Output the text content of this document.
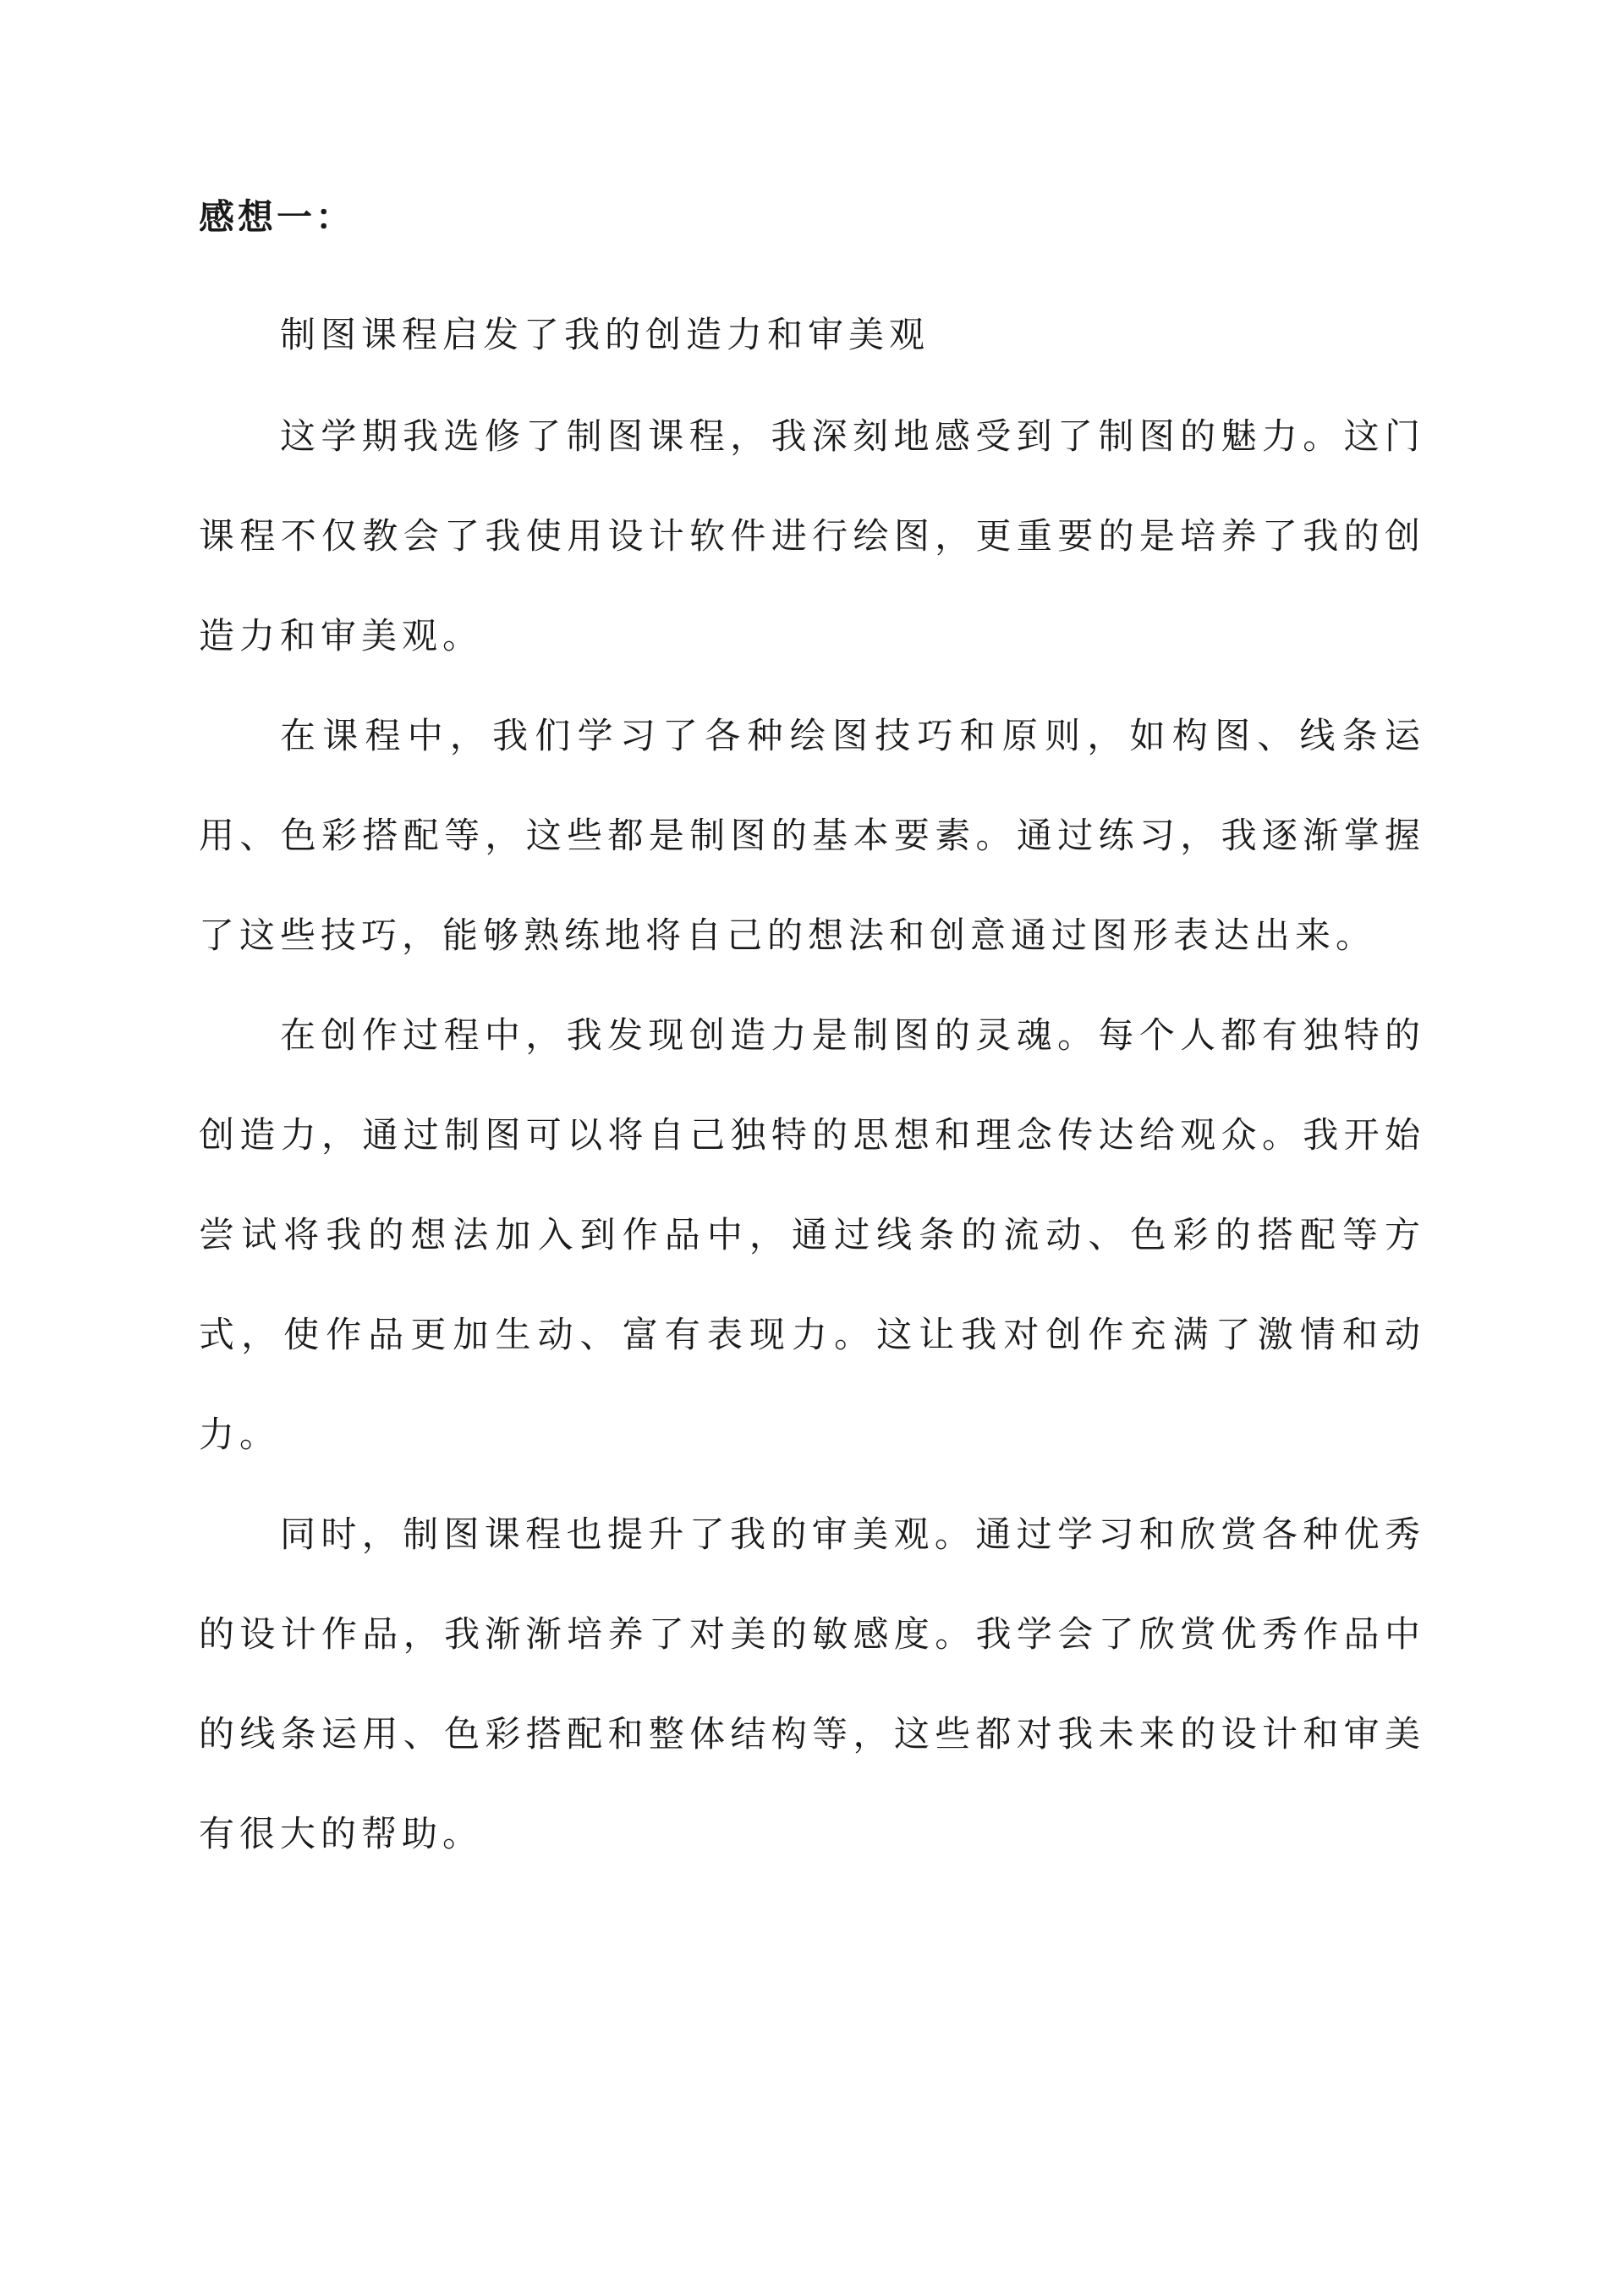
感想一：

制图课程启发了我的创造力和审美观

这学期我选修了制图课程，我深刻地感受到了制图的魅力。这门课程不仅教会了我使用设计软件进行绘图，更重要的是培养了我的创造力和审美观。

在课程中，我们学习了各种绘图技巧和原则，如构图、线条运用、色彩搭配等，这些都是制图的基本要素。通过练习，我逐渐掌握了这些技巧，能够熟练地将自己的想法和创意通过图形表达出来。

在创作过程中，我发现创造力是制图的灵魂。每个人都有独特的创造力，通过制图可以将自己独特的思想和理念传达给观众。我开始尝试将我的想法加入到作品中，通过线条的流动、色彩的搭配等方式，使作品更加生动、富有表现力。这让我对创作充满了激情和动力。

同时，制图课程也提升了我的审美观。通过学习和欣赏各种优秀的设计作品，我渐渐培养了对美的敏感度。我学会了欣赏优秀作品中的线条运用、色彩搭配和整体结构等，这些都对我未来的设计和审美有很大的帮助。
